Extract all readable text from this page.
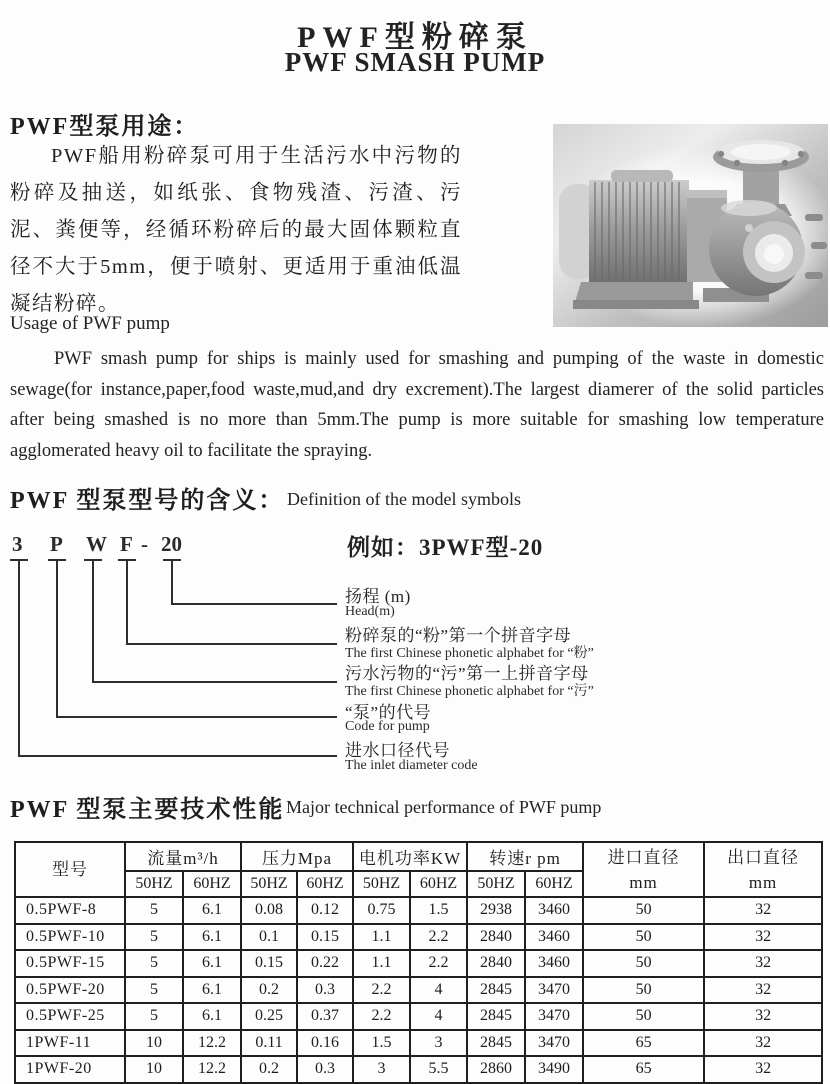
PWF型粉碎泵
PWF SMASH PUMP
PWF型泵用途：
PWF船用粉碎泵可用于生活污水中污物的粉碎及抽送，如纸张、食物残渣、污渣、污泥、粪便等，经循环粉碎后的最大固体颗粒直径不大于5mm，便于喷射、更适用于重油低温凝结粉碎。
Usage of PWF pump
PWF smash pump for ships is mainly used for smashing and pumping of the waste in domestic sewage(for instance,paper,food waste,mud,and dry excrement).The largest diamerer of the solid particles after being smashed is no more than 5mm.The pump is more suitable for smashing low temperature agglomerated heavy oil to facilitate the spraying.
PWF 型泵型号的含义： Definition of the model symbols
3 P W F - 20	例如：3PWF型-20
扬程 (m)
Head(m)
粉碎泵的“粉”第一个拼音字母
The first Chinese phonetic alphabet for “粉”
污水污物的“污”第一上拼音字母
The first Chinese phonetic alphabet for “污”
“泵”的代号
Code for pump
进水口径代号
The inlet diameter code
PWF 型泵主要技术性能 Major technical performance of PWF pump
型号	流量m³/h		压力Mpa		电机功率KW		转速r pm		进口直径
mm	出口直径
mm

	50HZ	60HZ	50HZ	60HZ	50HZ	60HZ	50HZ	60HZ		
0.5PWF-8	5	6.1	0.08	0.12	0.75	1.5	2938	3460	50	32
0.5PWF-10	5	6.1	0.1	0.15	1.1	2.2	2840	3460	50	32
0.5PWF-15	5	6.1	0.15	0.22	1.1	2.2	2840	3460	50	32
0.5PWF-20	5	6.1	0.2	0.3	2.2	4	2845	3470	50	32
0.5PWF-25	5	6.1	0.25	0.37	2.2	4	2845	3470	50	32
1PWF-11	10	12.2	0.11	0.16	1.5	3	2845	3470	65	32
1PWF-20	10	12.2	0.2	0.3	3	5.5	2860	3490	65	32
